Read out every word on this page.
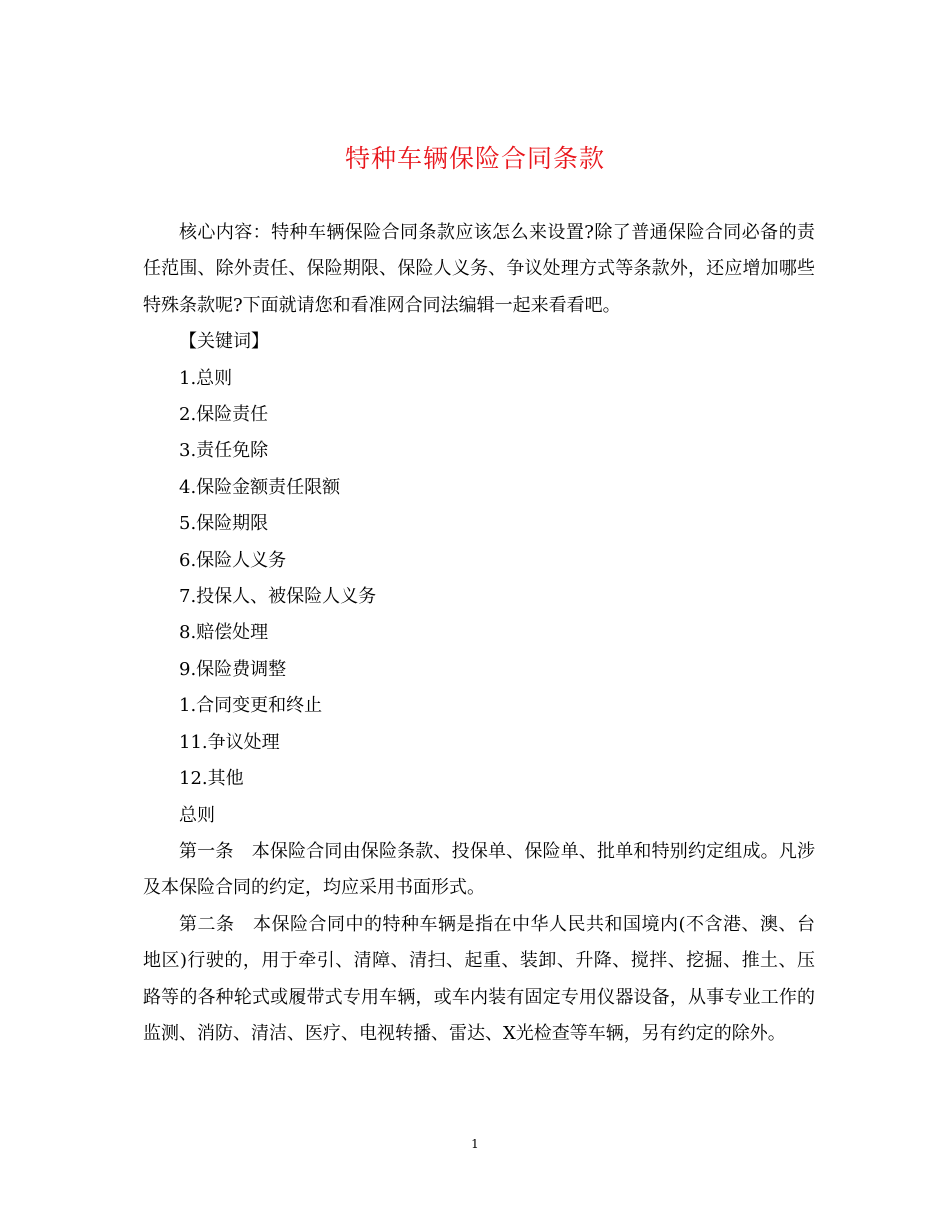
特种车辆保险合同条款

核心内容：特种车辆保险合同条款应该怎么来设置?除了普通保险合同必备的责任范围、除外责任、保险期限、保险人义务、争议处理方式等条款外，还应增加哪些特殊条款呢?下面就请您和看准网合同法编辑一起来看看吧。

【关键词】

1.总则

2.保险责任

3.责任免除

4.保险金额责任限额

5.保险期限

6.保险人义务

7.投保人、被保险人义务

8.赔偿处理

9.保险费调整

1.合同变更和终止

11.争议处理

12.其他

总则

第一条　本保险合同由保险条款、投保单、保险单、批单和特别约定组成。凡涉及本保险合同的约定，均应采用书面形式。

第二条　本保险合同中的特种车辆是指在中华人民共和国境内(不含港、澳、台地区)行驶的，用于牵引、清障、清扫、起重、装卸、升降、搅拌、挖掘、推土、压路等的各种轮式或履带式专用车辆，或车内装有固定专用仪器设备，从事专业工作的监测、消防、清洁、医疗、电视转播、雷达、X光检查等车辆，另有约定的除外。

1
